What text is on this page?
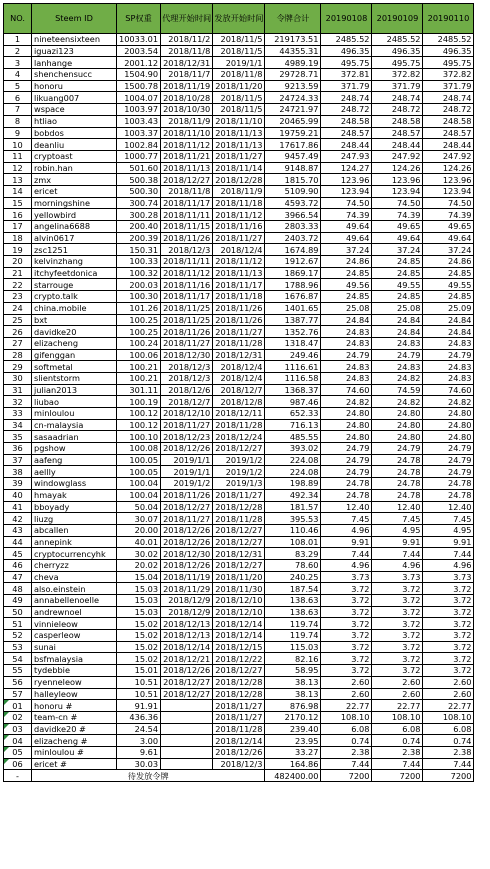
NO.	Steem ID	SP权重	代理开始时间	发放开始时间	令牌合计	20190108	20190109	20190110
1	nineteensixteen	10033.01	2018/11/2	2018/11/5	219173.51	2485.52	2485.52	2485.52
2	iguazi123	2003.54	2018/11/8	2018/11/5	44355.31	496.35	496.35	496.35
3	lanhange	2001.12	2018/12/31	2019/1/1	4989.19	495.75	495.75	495.75
4	shenchensucc	1504.90	2018/11/7	2018/11/8	29728.71	372.81	372.82	372.82
5	honoru	1500.78	2018/11/19	2018/11/20	9213.59	371.79	371.79	371.79
6	likuang007	1004.07	2018/10/28	2018/11/5	24724.33	248.74	248.74	248.74
7	wspace	1003.97	2018/10/30	2018/11/5	24721.97	248.72	248.72	248.72
8	htliao	1003.43	2018/11/9	2018/11/10	20465.99	248.58	248.58	248.58
9	bobdos	1003.37	2018/11/10	2018/11/13	19759.21	248.57	248.57	248.57
10	deanliu	1002.84	2018/11/12	2018/11/13	17617.86	248.44	248.44	248.44
11	cryptoast	1000.77	2018/11/21	2018/11/27	9457.49	247.93	247.92	247.92
12	robin.han	501.60	2018/11/13	2018/11/14	9148.87	124.27	124.26	124.26
13	zmx	500.38	2018/12/27	2018/12/28	1815.70	123.96	123.96	123.96
14	ericet	500.30	2018/11/8	2018/11/9	5109.90	123.94	123.94	123.94
15	morningshine	300.74	2018/11/17	2018/11/18	4593.72	74.50	74.50	74.50
16	yellowbird	300.28	2018/11/11	2018/11/12	3966.54	74.39	74.39	74.39
17	angelina6688	200.40	2018/11/15	2018/11/16	2803.33	49.64	49.65	49.65
18	alvin0617	200.39	2018/11/26	2018/11/27	2403.72	49.64	49.64	49.64
19	zsc1251	150.31	2018/12/3	2018/12/4	1674.89	37.24	37.24	37.24
20	kelvinzhang	100.33	2018/11/11	2018/11/12	1912.67	24.86	24.85	24.86
21	itchyfeetdonica	100.32	2018/11/12	2018/11/13	1869.17	24.85	24.85	24.85
22	starrouge	200.03	2018/11/16	2018/11/17	1788.96	49.56	49.55	49.55
23	crypto.talk	100.30	2018/11/17	2018/11/18	1676.87	24.85	24.85	24.85
24	china.mobile	101.26	2018/11/25	2018/11/26	1401.65	25.08	25.08	25.09
25	bxt	100.25	2018/11/25	2018/11/26	1387.77	24.84	24.84	24.84
26	davidke20	100.25	2018/11/26	2018/11/27	1352.76	24.83	24.84	24.84
27	elizacheng	100.24	2018/11/27	2018/11/28	1318.47	24.83	24.83	24.83
28	gifenggan	100.06	2018/12/30	2018/12/31	249.46	24.79	24.79	24.79
29	softmetal	100.21	2018/12/3	2018/12/4	1116.61	24.83	24.83	24.83
30	slientstorm	100.21	2018/12/3	2018/12/4	1116.58	24.83	24.82	24.83
31	julian2013	301.11	2018/12/6	2018/12/7	1368.37	74.60	74.59	74.60
32	liubao	100.19	2018/12/7	2018/12/8	987.46	24.82	24.82	24.82
33	minloulou	100.12	2018/12/10	2018/12/11	652.33	24.80	24.80	24.80
34	cn-malaysia	100.12	2018/11/27	2018/11/28	716.13	24.80	24.80	24.80
35	sasaadrian	100.10	2018/12/23	2018/12/24	485.55	24.80	24.80	24.80
36	pgshow	100.08	2018/12/26	2018/12/27	393.02	24.79	24.79	24.79
37	aafeng	100.05	2019/1/1	2019/1/2	224.08	24.79	24.78	24.79
38	aellly	100.05	2019/1/1	2019/1/2	224.08	24.79	24.78	24.79
39	windowglass	100.04	2019/1/2	2019/1/3	198.89	24.78	24.78	24.78
40	hmayak	100.04	2018/11/26	2018/11/27	492.34	24.78	24.78	24.78
41	bboyady	50.04	2018/12/27	2018/12/28	181.57	12.40	12.40	12.40
42	liuzg	30.07	2018/11/27	2018/11/28	395.53	7.45	7.45	7.45
43	abcallen	20.00	2018/12/26	2018/12/27	110.46	4.96	4.95	4.95
44	annepink	40.01	2018/12/26	2018/12/27	108.01	9.91	9.91	9.91
45	cryptocurrencyhk	30.02	2018/12/30	2018/12/31	83.29	7.44	7.44	7.44
46	cherryzz	20.02	2018/12/26	2018/12/27	78.60	4.96	4.96	4.96
47	cheva	15.04	2018/11/19	2018/11/20	240.25	3.73	3.73	3.73
48	also.einstein	15.03	2018/11/29	2018/11/30	187.54	3.72	3.72	3.72
49	annabellenoelle	15.03	2018/12/9	2018/12/10	138.63	3.72	3.72	3.72
50	andrewnoel	15.03	2018/12/9	2018/12/10	138.63	3.72	3.72	3.72
51	vinnieleow	15.02	2018/12/13	2018/12/14	119.74	3.72	3.72	3.72
52	casperleow	15.02	2018/12/13	2018/12/14	119.74	3.72	3.72	3.72
53	sunai	15.02	2018/12/14	2018/12/15	115.03	3.72	3.72	3.72
54	bsfmalaysia	15.02	2018/12/21	2018/12/22	82.16	3.72	3.72	3.72
55	tydebbie	15.01	2018/12/26	2018/12/27	58.95	3.72	3.72	3.72
56	ryenneleow	10.51	2018/12/27	2018/12/28	38.13	2.60	2.60	2.60
57	halleyleow	10.51	2018/12/27	2018/12/28	38.13	2.60	2.60	2.60

01	honoru #	91.91		2018/11/27	876.98	22.77	22.77	22.77

02	team-cn #	436.36		2018/11/27	2170.12	108.10	108.10	108.10

03	davidke20 #	24.54		2018/11/28	239.40	6.08	6.08	6.08

04	elizacheng #	3.00		2018/12/14	23.95	0.74	0.74	0.74

05	minloulou #	9.61		2018/12/26	33.27	2.38	2.38	2.38

06	ericet #	30.03		2018/12/3	164.86	7.44	7.44	7.44
-	待发放令牌				482400.00	7200	7200	7200
